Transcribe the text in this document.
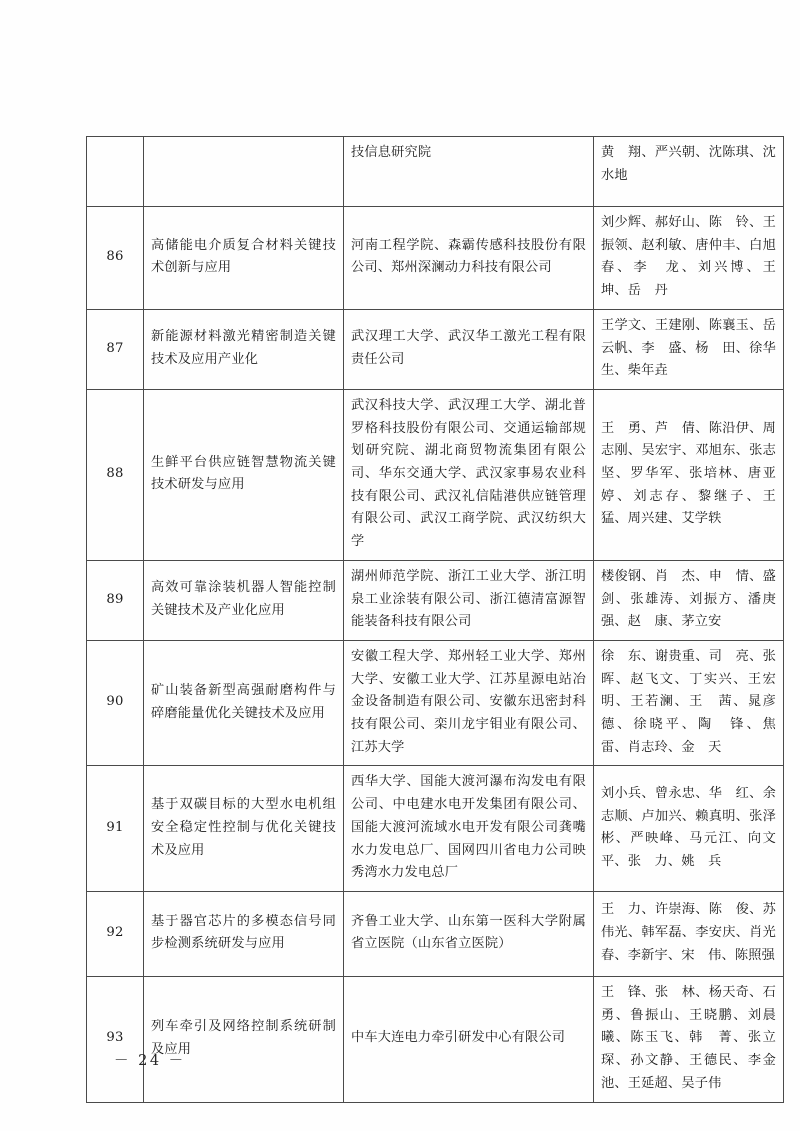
		技信息研究院	黄　翔、严兴朝、沈陈琪、沈水地

86	高储能电介质复合材料关键技术创新与应用	河南工程学院、森霸传感科技股份有限公司、郑州深澜动力科技有限公司	刘少辉、郝好山、陈　铃、王振领、赵利敏、唐仲丰、白旭春、李　龙、刘兴博、王　坤、岳　丹

87	新能源材料激光精密制造关键技术及应用产业化	武汉理工大学、武汉华工激光工程有限责任公司	王学文、王建刚、陈襄玉、岳云帆、李　盛、杨　田、徐华生、柴年垚

88	生鲜平台供应链智慧物流关键技术研发与应用	武汉科技大学、武汉理工大学、湖北普罗格科技股份有限公司、交通运输部规划研究院、湖北商贸物流集团有限公司、华东交通大学、武汉家事易农业科技有限公司、武汉礼信陆港供应链管理有限公司、武汉工商学院、武汉纺织大学	王　勇、芦　倩、陈沿伊、周志刚、吴宏宇、邓旭东、张志坚、罗华军、张培林、唐亚婷、刘志存、黎继子、王　猛、周兴建、艾学轶

89	高效可靠涂装机器人智能控制关键技术及产业化应用	湖州师范学院、浙江工业大学、浙江明泉工业涂装有限公司、浙江德清富源智能装备科技有限公司	楼俊钢、肖　杰、申　情、盛　剑、张雄涛、刘振方、潘庚强、赵　康、茅立安

90	矿山装备新型高强耐磨构件与碎磨能量优化关键技术及应用	安徽工程大学、郑州轻工业大学、郑州大学、安徽工业大学、江苏星源电站冶金设备制造有限公司、安徽东迅密封科技有限公司、栾川龙宇钼业有限公司、江苏大学	徐　东、谢贵重、司　亮、张　晖、赵飞文、丁实兴、王宏明、王若澜、王　茜、晁彦德、徐晓平、陶　锋、焦　雷、肖志玲、金　天

91	基于双碳目标的大型水电机组安全稳定性控制与优化关键技术及应用	西华大学、国能大渡河瀑布沟发电有限公司、中电建水电开发集团有限公司、国能大渡河流域水电开发有限公司龚嘴水力发电总厂、国网四川省电力公司映秀湾水力发电总厂	刘小兵、曾永忠、华　红、余志顺、卢加兴、赖真明、张泽彬、严映峰、马元江、向文平、张　力、姚　兵

92	基于器官芯片的多模态信号同步检测系统研发与应用	齐鲁工业大学、山东第一医科大学附属省立医院（山东省立医院）	王　力、许崇海、陈　俊、苏伟光、韩军磊、李安庆、肖光春、李新宇、宋　伟、陈照强

93	列车牵引及网络控制系统研制及应用	中车大连电力牵引研发中心有限公司	王　锋、张　林、杨天奇、石　勇、鲁振山、王晓鹏、刘晨曦、陈玉飞、韩　菁、张立琛、孙文静、王德民、李金池、王延超、吴子伟
－ 24 －
